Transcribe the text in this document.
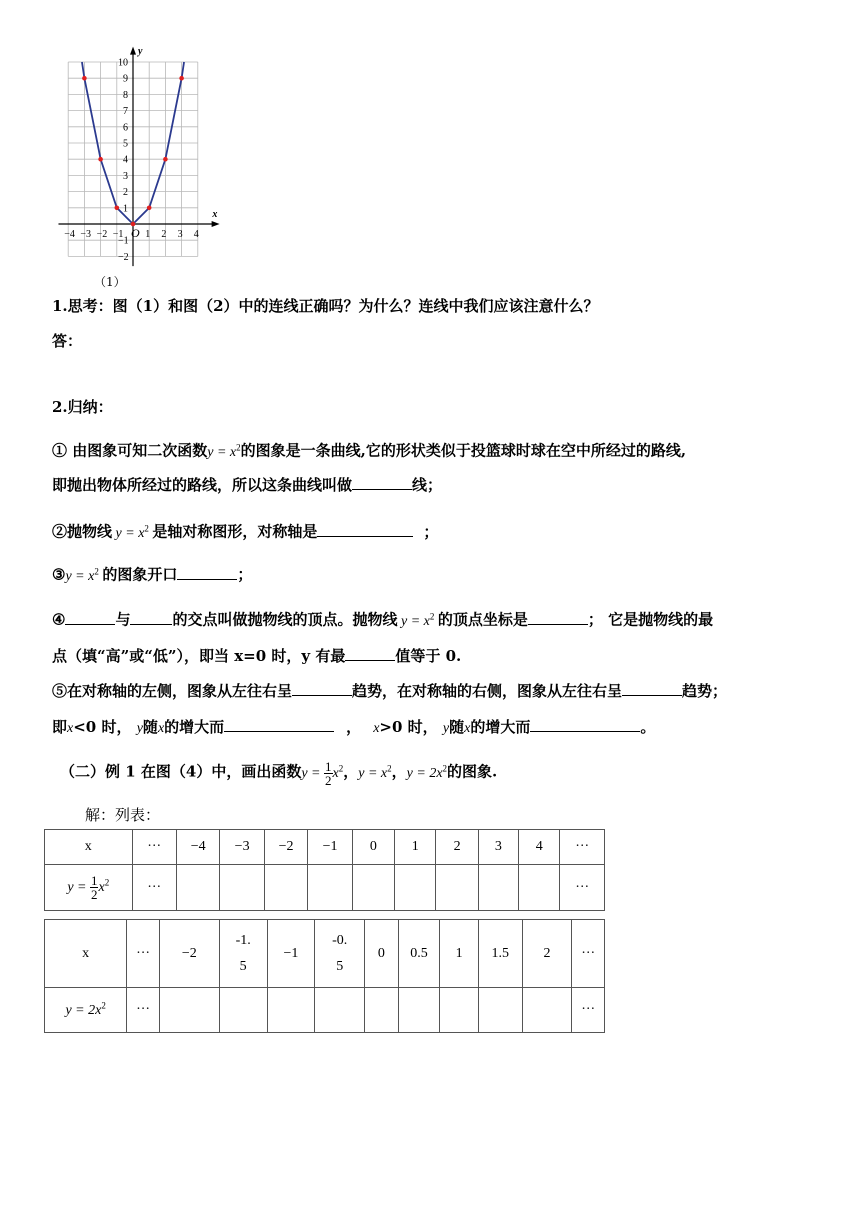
−4 −3 −2 −1 1 2 3 4
10
9
8
7
6
5
4
3
2
1
−1
−2
x
y
O
（1）
1.思考：图（1）和图（2）中的连线正确吗？为什么？连线中我们应该注意什么？
答：
2.归纳：
① 由图象可知二次函数$y = x^2$的图象是一条曲线,它的形状类似于投篮球时球在空中所经过的路线,
即抛出物体所经过的路线，所以这条曲线叫做	线；
②抛物线 $y = x^2$ 是轴对称图形，对称轴是	；
③y = $x^2$ 的图象开口	；
④	与	的交点叫做抛物线的顶点。抛物线 $y = x^2$ 的顶点坐标是	； 它是抛物线的最
点（填“高”或“低”），即当 x=0 时，y 有最	值等于 0.
⑤在对称轴的左侧，图象从左往右呈	趋势，在对称轴的右侧，图象从左往右呈	趋势；
即x<0 时， y随x的增大而	， x>0 时， y随x的增大而	。
（二）例 1 在图（4）中，画出函数$y = \frac{1}{2} x^2$，$y = x^2$，$y = 2x^2$的图象.
解：列表：
x	···	−4	−3	−2	−1	0	1	2	3	4	···
$y = \frac{1}{2} x^2$	···										···
x	···	−2	-1.
5	−1	-0.
5	0	0.5	1	1.5	2	···
$y = 2x^2$	···										···
